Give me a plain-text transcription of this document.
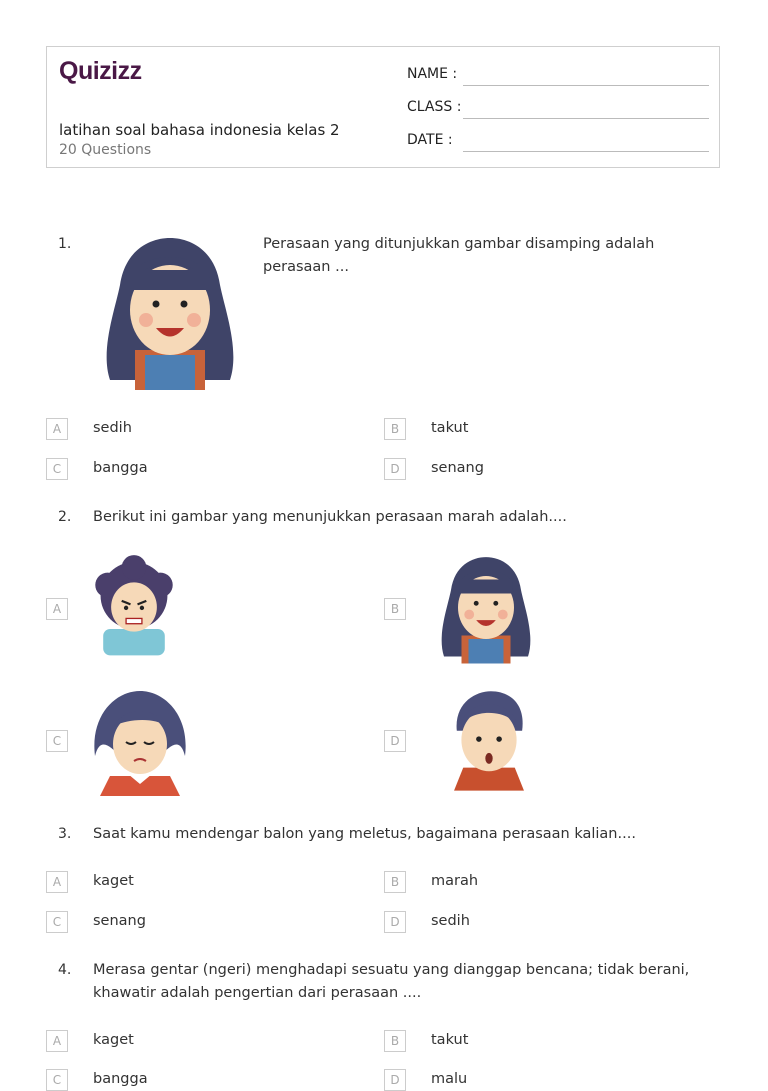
Quizizz
latihan soal bahasa indonesia kelas 2
20 Questions
NAME :
CLASS :
DATE :
1.	Perasaan yang ditunjukkan gambar disamping adalah perasaan ...
A	sedih	B	takut
C	bangga	D	senang
2. Berikut ini gambar yang menunjukkan perasaan marah adalah....
A	B
C	D
3. Saat kamu mendengar balon yang meletus, bagaimana perasaan kalian....
A	kaget	B	marah
C	senang	D	sedih
4. Merasa gentar (ngeri) menghadapi sesuatu yang dianggap bencana; tidak berani, khawatir adalah pengertian dari perasaan ....
A	kaget	B	takut
C	bangga	D	malu
